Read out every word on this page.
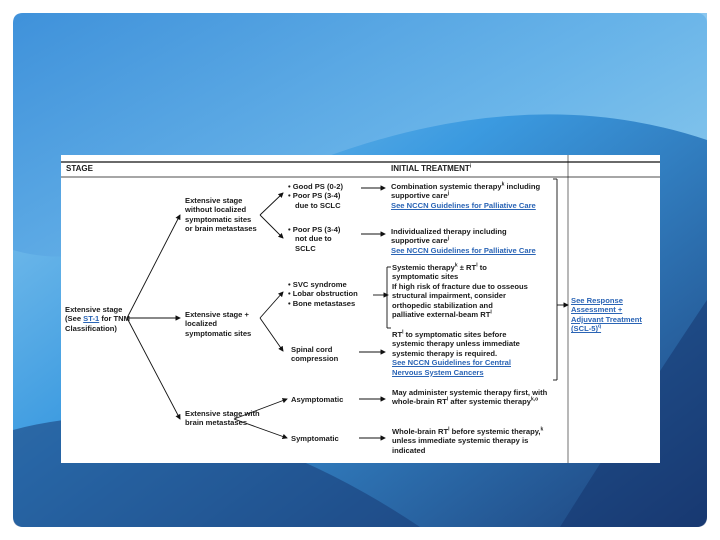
STAGE	INITIAL TREATMENT$^i$
Extensive stage
(See ST-1 for TNM
Classification)
Extensive stage
without localized
symptomatic sites
or brain metastases
Extensive stage +
localized
symptomatic sites
Extensive stage with
brain metastases
• Good PS (0-2)
• Poor PS (3-4)
due to SCLC
• Poor PS (3-4)
not due to
SCLC
• SVC syndrome
• Lobar obstruction
• Bone metastases
Spinal cord
compression
Asymptomatic
Symptomatic
Combination systemic therapy$^k$ including
supportive care$^j$
See NCCN Guidelines for Palliative Care
Individualized therapy including
supportive care$^j$
See NCCN Guidelines for Palliative Care
Systemic therapy$^k$ ± $RT^l$ to
symptomatic sites
If high risk of fracture due to osseous
structural impairment, consider
orthopedic stabilization and
palliative external-beam $RT^l$
$RT^l$ to symptomatic sites before
systemic therapy unless immediate
systemic therapy is required.
See NCCN Guidelines for Central
Nervous System Cancers
May administer systemic therapy first, with
whole-brain $RT^l$ after systemic therapy$^{k,o}$
Whole-brain $RT^l$ before systemic therapy,$^k$
unless immediate systemic therapy is
indicated
See Response
Assessment +
Adjuvant Treatment
$(SCL-5)^q$
